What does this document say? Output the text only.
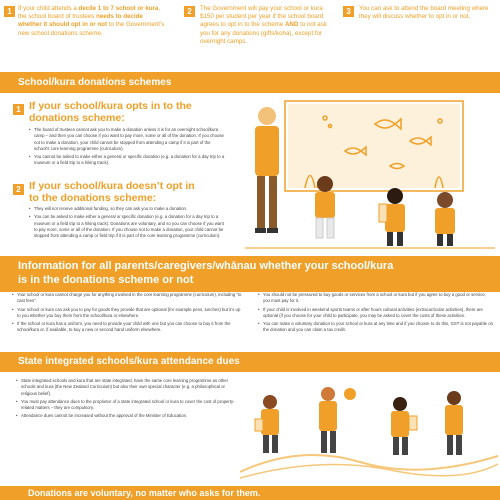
1	If your child attends a decile 1 to 7 school or kura, the school board of trustees needs to decide whether it should opt in or not to the Government’s new school donations scheme.
2	The Government will pay your school or kura $150 per student per year if the school board agrees to opt in to the scheme AND to not ask you for any donations (gifts/koha), except for overnight camps.
3	You can ask to attend the board meeting where they will discuss whether to opt in or not.
School/kura donations schemes
1 If your school/kura opts in to the
donations scheme:
• The board of trustees cannot ask you to make a donation unless it is for an overnight school/kura camp – and then you can choose if you want to pay more, some or all of the donation. If you choose not to make a donation, your child cannot be stopped from attending a camp if it is part of the school’s core learning programme (curriculum).
• You cannot be asked to make either a general or specific donation (e.g. a donation for a day trip to a museum or a field trip to a hiking track).
2 If your school/kura doesn’t opt in
to the donations scheme:
• They will not receive additional funding, so they can ask you to make a donation.
• You can be asked to make either a general or specific donation (e.g. a donation for a day trip to a museum or a field trip to a hiking track). Donations are voluntary, and so you can choose if you want to pay more, some or all of the donation. If you choose not to make a donation, your child cannot be stopped from attending a camp or field trip if it is part of the core learning programme (curriculum).
Information for all parents/caregivers/whānau whether your school/kura
is in the donations scheme or not
• Your school or kura cannot charge you for anything involved in the core learning programme (curriculum), including “to cast fees”.
• Your school or kura can ask you to pay for goods they provide that are optional (for example pens, lunches) but it’s up to you whether you buy them from the school/kura or elsewhere.
• If the school or kura has a uniform, you need to provide your child with one but you can choose to buy it from the school/kura or, if available, to buy a new or second hand uniform elsewhere.
• You should not be pressured to buy goods or services from a school or kura but if you agree to buy a good or service, you must pay for it.
• If your child is involved in weekend sports teams or after hours cultural activities (extracurricular activities), there are optional (if you choose for your child to participate, you may be asked to cover the costs of these activities.
• You can make a voluntary donation to your school or kura at any time and if you choose to do this, GST is not payable on the donation and you can claim a tax credit.
State integrated schools/kura attendance dues
• State integrated schools and kura that are state integrated, have the same core learning programme as other schools and kura (the New Zealand Curriculum) but also their own special character (e.g. a philosophical or religious belief).
• You must pay attendance dues to the proprietor of a state integrated school or kura to cover the cost of property-related matters – they are compulsory.
• Attendance dues cannot be increased without the approval of the Minister of Education.
Donations are voluntary, no matter who asks for them.
